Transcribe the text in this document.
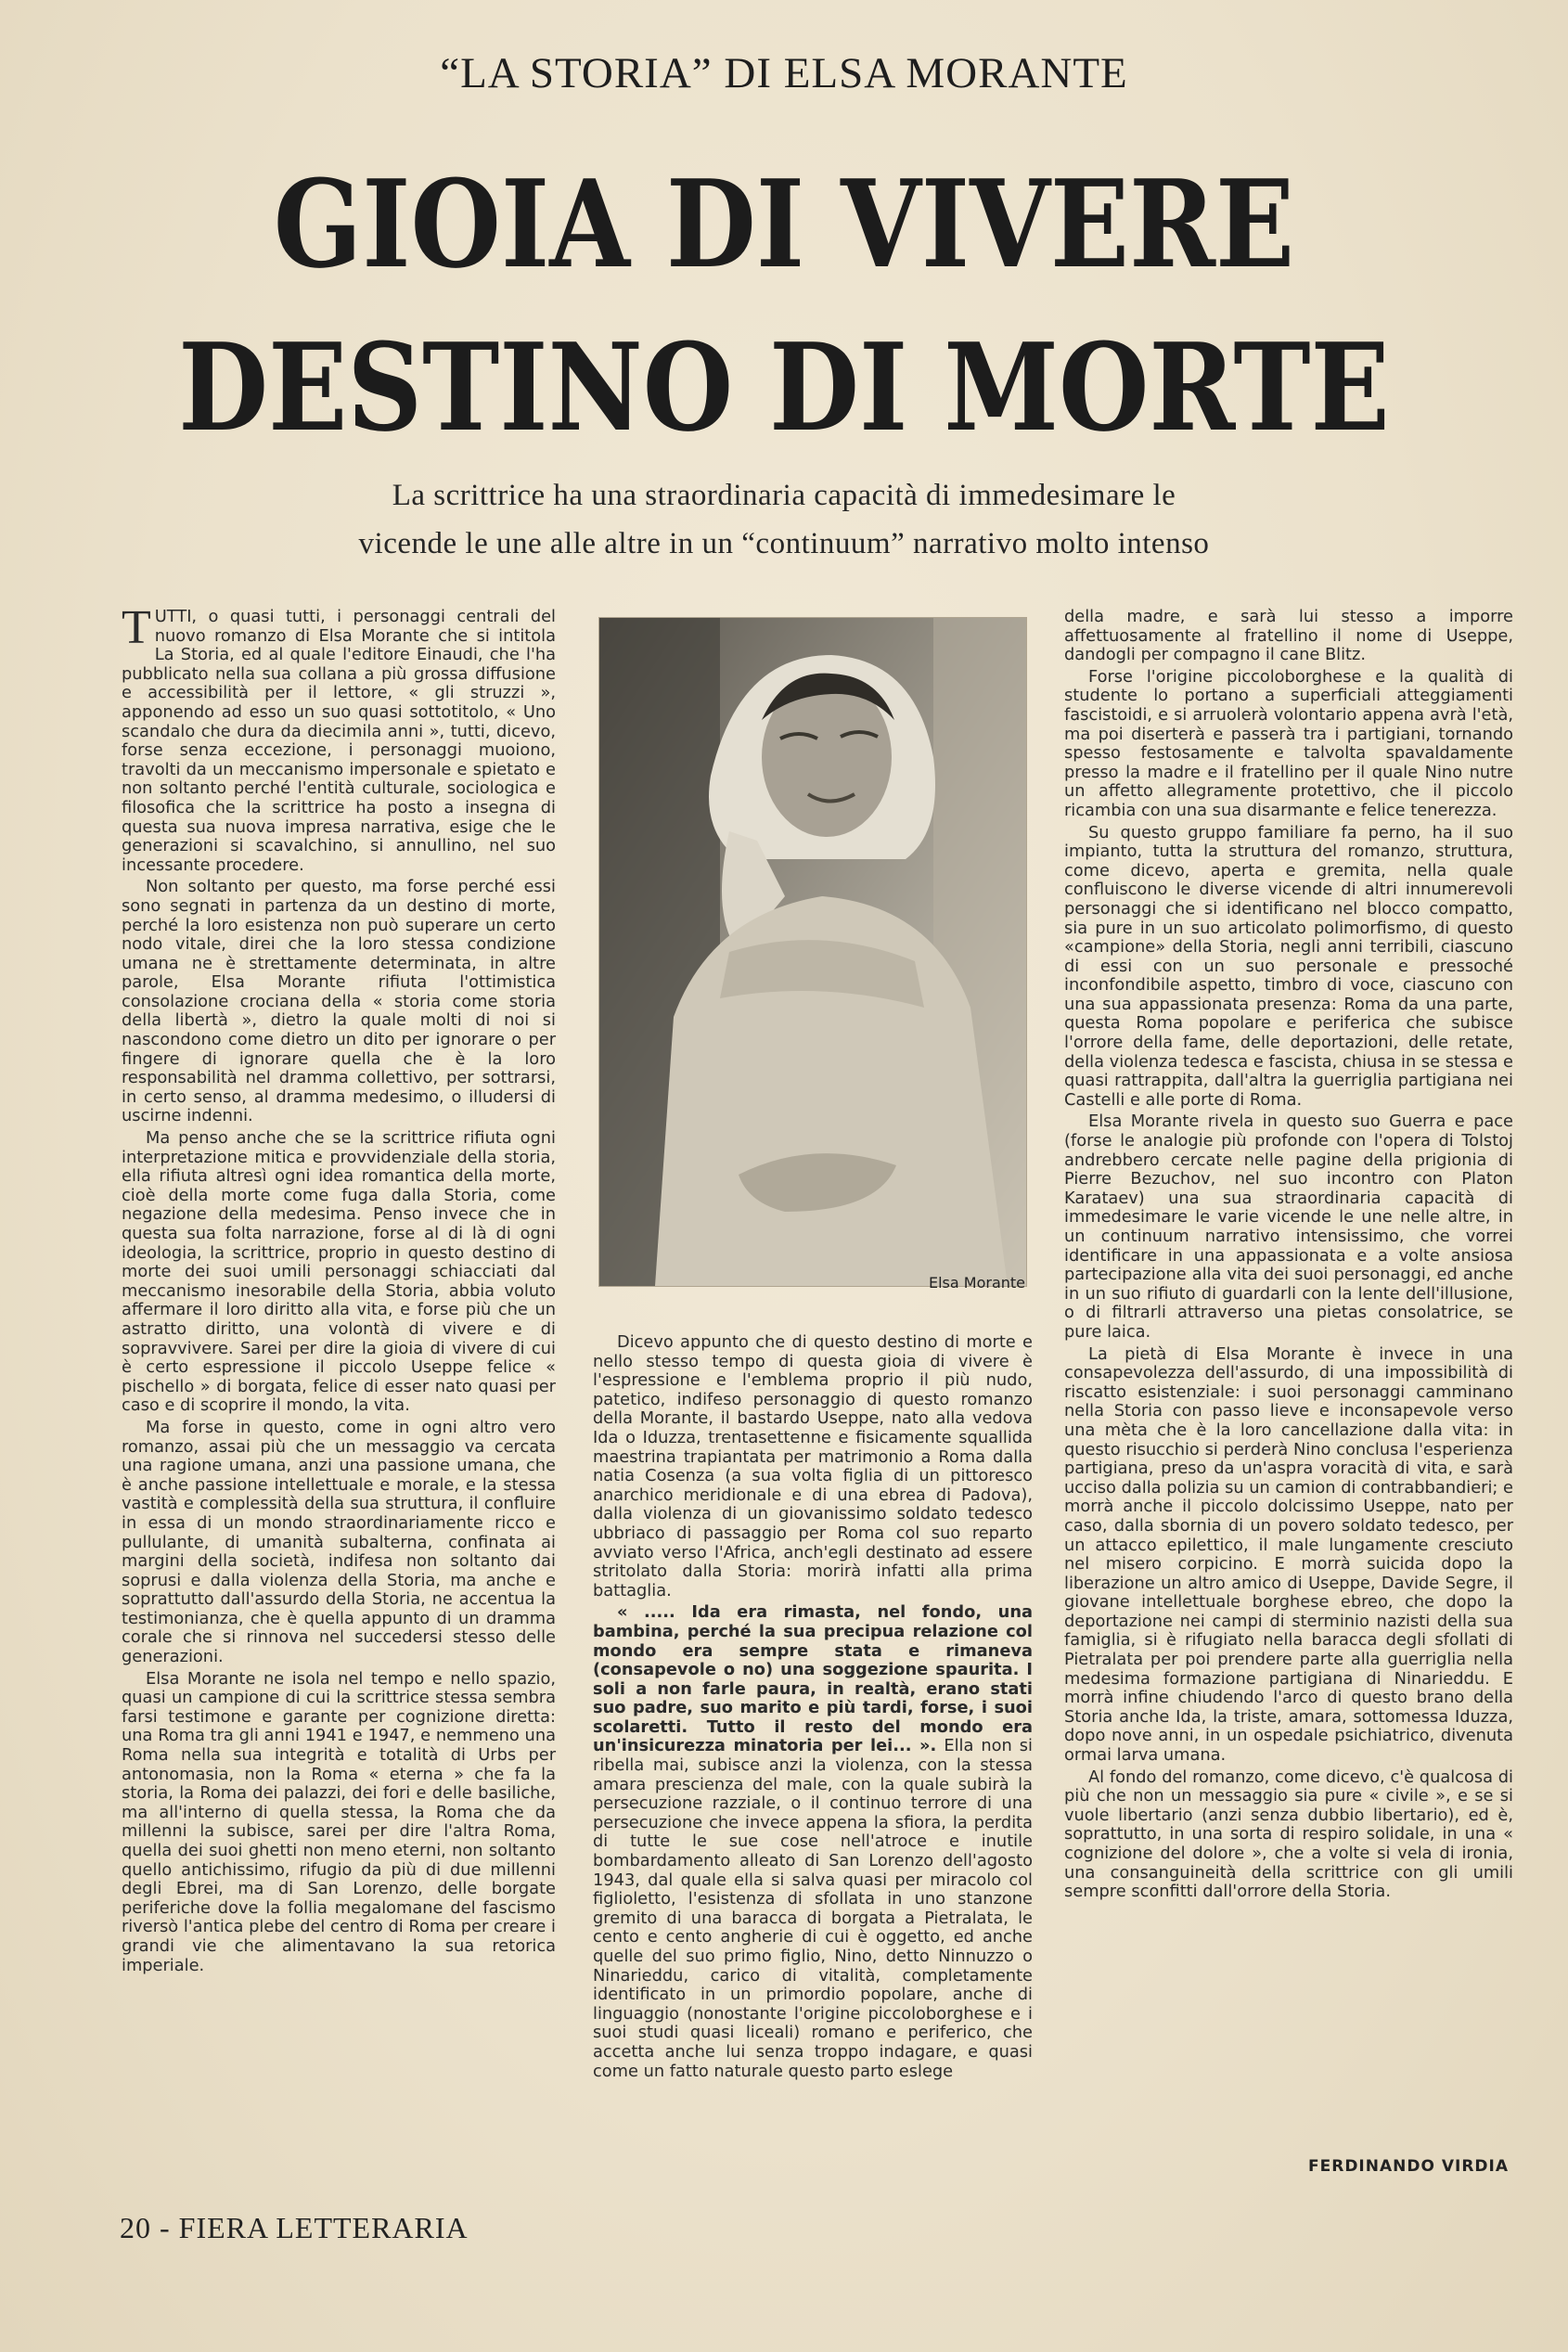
“LA STORIA” DI ELSA MORANTE
GIOIA DI VIVERE
DESTINO DI MORTE
La scrittrice ha una straordinaria capacità di immedesimare le
vicende le une alle altre in un “continuum” narrativo molto intenso

TUTTI, o quasi tutti, i personaggi centrali del nuovo romanzo di Elsa Morante che si intitola La Storia, ed al quale l'editore Einaudi, che l'ha pubblicato nella sua collana a più grossa diffusione e accessibilità per il lettore, « gli struzzi », apponendo ad esso un suo quasi sottotitolo, « Uno scandalo che dura da diecimila anni », tutti, dicevo, forse senza eccezione, i personaggi muoiono, travolti da un meccanismo impersonale e spietato e non soltanto perché l'entità culturale, sociologica e filosofica che la scrittrice ha posto a insegna di questa sua nuova impresa narrativa, esige che le generazioni si scavalchino, si annullino, nel suo incessante procedere.

Non soltanto per questo, ma forse perché essi sono segnati in partenza da un destino di morte, perché la loro esistenza non può superare un certo nodo vitale, direi che la loro stessa condizione umana ne è strettamente determinata, in altre parole, Elsa Morante rifiuta l'ottimistica consolazione crociana della « storia come storia della libertà », dietro la quale molti di noi si nascondono come dietro un dito per ignorare o per fingere di ignorare quella che è la loro responsabilità nel dramma collettivo, per sottrarsi, in certo senso, al dramma medesimo, o illudersi di uscirne indenni.

Ma penso anche che se la scrittrice rifiuta ogni interpretazione mitica e provvidenziale della storia, ella rifiuta altresì ogni idea romantica della morte, cioè della morte come fuga dalla Storia, come negazione della medesima. Penso invece che in questa sua folta narrazione, forse al di là di ogni ideologia, la scrittrice, proprio in questo destino di morte dei suoi umili personaggi schiacciati dal meccanismo inesorabile della Storia, abbia voluto affermare il loro diritto alla vita, e forse più che un astratto diritto, una volontà di vivere e di sopravvivere. Sarei per dire la gioia di vivere di cui è certo espressione il piccolo Useppe felice « pischello » di borgata, felice di esser nato quasi per caso e di scoprire il mondo, la vita.

Ma forse in questo, come in ogni altro vero romanzo, assai più che un messaggio va cercata una ragione umana, anzi una passione umana, che è anche passione intellettuale e morale, e la stessa vastità e complessità della sua struttura, il confluire in essa di un mondo straordinariamente ricco e pullulante, di umanità subalterna, confinata ai margini della società, indifesa non soltanto dai soprusi e dalla violenza della Storia, ma anche e soprattutto dall'assurdo della Storia, ne accentua la testimonianza, che è quella appunto di un dramma corale che si rinnova nel succedersi stesso delle generazioni.

Elsa Morante ne isola nel tempo e nello spazio, quasi un campione di cui la scrittrice stessa sembra farsi testimone e garante per cognizione diretta: una Roma tra gli anni 1941 e 1947, e nemmeno una Roma nella sua integrità e totalità di Urbs per antonomasia, non la Roma « eterna » che fa la storia, la Roma dei palazzi, dei fori e delle basiliche, ma all'interno di quella stessa, la Roma che da millenni la subisce, sarei per dire l'altra Roma, quella dei suoi ghetti non meno eterni, non soltanto quello antichissimo, rifugio da più di due millenni degli Ebrei, ma di San Lorenzo, delle borgate periferiche dove la follia megalomane del fascismo riversò l'antica plebe del centro di Roma per creare i grandi vie che alimentavano la sua retorica imperiale.

Elsa Morante

Dicevo appunto che di questo destino di morte e nello stesso tempo di questa gioia di vivere è l'espressione e l'emblema proprio il più nudo, patetico, indifeso personaggio di questo romanzo della Morante, il bastardo Useppe, nato alla vedova Ida o Iduzza, trentasettenne e fisicamente squallida maestrina trapiantata per matrimonio a Roma dalla natia Cosenza (a sua volta figlia di un pittoresco anarchico meridionale e di una ebrea di Padova), dalla violenza di un giovanissimo soldato tedesco ubbriaco di passaggio per Roma col suo reparto avviato verso l'Africa, anch'egli destinato ad essere stritolato dalla Storia: morirà infatti alla prima battaglia.

« ..... Ida era rimasta, nel fondo, una bambina, perché la sua precipua relazione col mondo era sempre stata e rimaneva (consapevole o no) una soggezione spaurita. I soli a non farle paura, in realtà, erano stati suo padre, suo marito e più tardi, forse, i suoi scolaretti. Tutto il resto del mondo era un'insicurezza minatoria per lei... ». Ella non si ribella mai, subisce anzi la violenza, con la stessa amara prescienza del male, con la quale subirà la persecuzione razziale, o il continuo terrore di una persecuzione che invece appena la sfiora, la perdita di tutte le sue cose nell'atroce e inutile bombardamento alleato di San Lorenzo dell'agosto 1943, dal quale ella si salva quasi per miracolo col figlioletto, l'esistenza di sfollata in uno stanzone gremito di una baracca di borgata a Pietralata, le cento e cento angherie di cui è oggetto, ed anche quelle del suo primo figlio, Nino, detto Ninnuzzo o Ninarieddu, carico di vitalità, completamente identificato in un primordio popolare, anche di linguaggio (nonostante l'origine piccoloborghese e i suoi studi quasi liceali) romano e periferico, che accetta anche lui senza troppo indagare, e quasi come un fatto naturale questo parto eslege

della madre, e sarà lui stesso a imporre affettuosamente al fratellino il nome di Useppe, dandogli per compagno il cane Blitz.

Forse l'origine piccoloborghese e la qualità di studente lo portano a superficiali atteggiamenti fascistoidi, e si arruolerà volontario appena avrà l'età, ma poi diserterà e passerà tra i partigiani, tornando spesso festosamente e talvolta spavaldamente presso la madre e il fratellino per il quale Nino nutre un affetto allegramente protettivo, che il piccolo ricambia con una sua disarmante e felice tenerezza.

Su questo gruppo familiare fa perno, ha il suo impianto, tutta la struttura del romanzo, struttura, come dicevo, aperta e gremita, nella quale confluiscono le diverse vicende di altri innumerevoli personaggi che si identificano nel blocco compatto, sia pure in un suo articolato polimorfismo, di questo «campione» della Storia, negli anni terribili, ciascuno di essi con un suo personale e pressoché inconfondibile aspetto, timbro di voce, ciascuno con una sua appassionata presenza: Roma da una parte, questa Roma popolare e periferica che subisce l'orrore della fame, delle deportazioni, delle retate, della violenza tedesca e fascista, chiusa in se stessa e quasi rattrappita, dall'altra la guerriglia partigiana nei Castelli e alle porte di Roma.

Elsa Morante rivela in questo suo Guerra e pace (forse le analogie più profonde con l'opera di Tolstoj andrebbero cercate nelle pagine della prigionia di Pierre Bezuchov, nel suo incontro con Platon Karataev) una sua straordinaria capacità di immedesimare le varie vicende le une nelle altre, in un continuum narrativo intensissimo, che vorrei identificare in una appassionata e a volte ansiosa partecipazione alla vita dei suoi personaggi, ed anche in un suo rifiuto di guardarli con la lente dell'illusione, o di filtrarli attraverso una pietas consolatrice, se pure laica.

La pietà di Elsa Morante è invece in una consapevolezza dell'assurdo, di una impossibilità di riscatto esistenziale: i suoi personaggi camminano nella Storia con passo lieve e inconsapevole verso una mèta che è la loro cancellazione dalla vita: in questo risucchio si perderà Nino conclusa l'esperienza partigiana, preso da un'aspra voracità di vita, e sarà ucciso dalla polizia su un camion di contrabbandieri; e morrà anche il piccolo dolcissimo Useppe, nato per caso, dalla sbornia di un povero soldato tedesco, per un attacco epilettico, il male lungamente cresciuto nel misero corpicino. E morrà suicida dopo la liberazione un altro amico di Useppe, Davide Segre, il giovane intellettuale borghese ebreo, che dopo la deportazione nei campi di sterminio nazisti della sua famiglia, si è rifugiato nella baracca degli sfollati di Pietralata per poi prendere parte alla guerriglia nella medesima formazione partigiana di Ninarieddu. E morrà infine chiudendo l'arco di questo brano della Storia anche Ida, la triste, amara, sottomessa Iduzza, dopo nove anni, in un ospedale psichiatrico, divenuta ormai larva umana.

Al fondo del romanzo, come dicevo, c'è qualcosa di più che non un messaggio sia pure « civile », e se si vuole libertario (anzi senza dubbio libertario), ed è, soprattutto, in una sorta di respiro solidale, in una « cognizione del dolore », che a volte si vela di ironia, una consanguineità della scrittrice con gli umili sempre sconfitti dall'orrore della Storia.

FERDINANDO VIRDIA
20 - FIERA LETTERARIA
